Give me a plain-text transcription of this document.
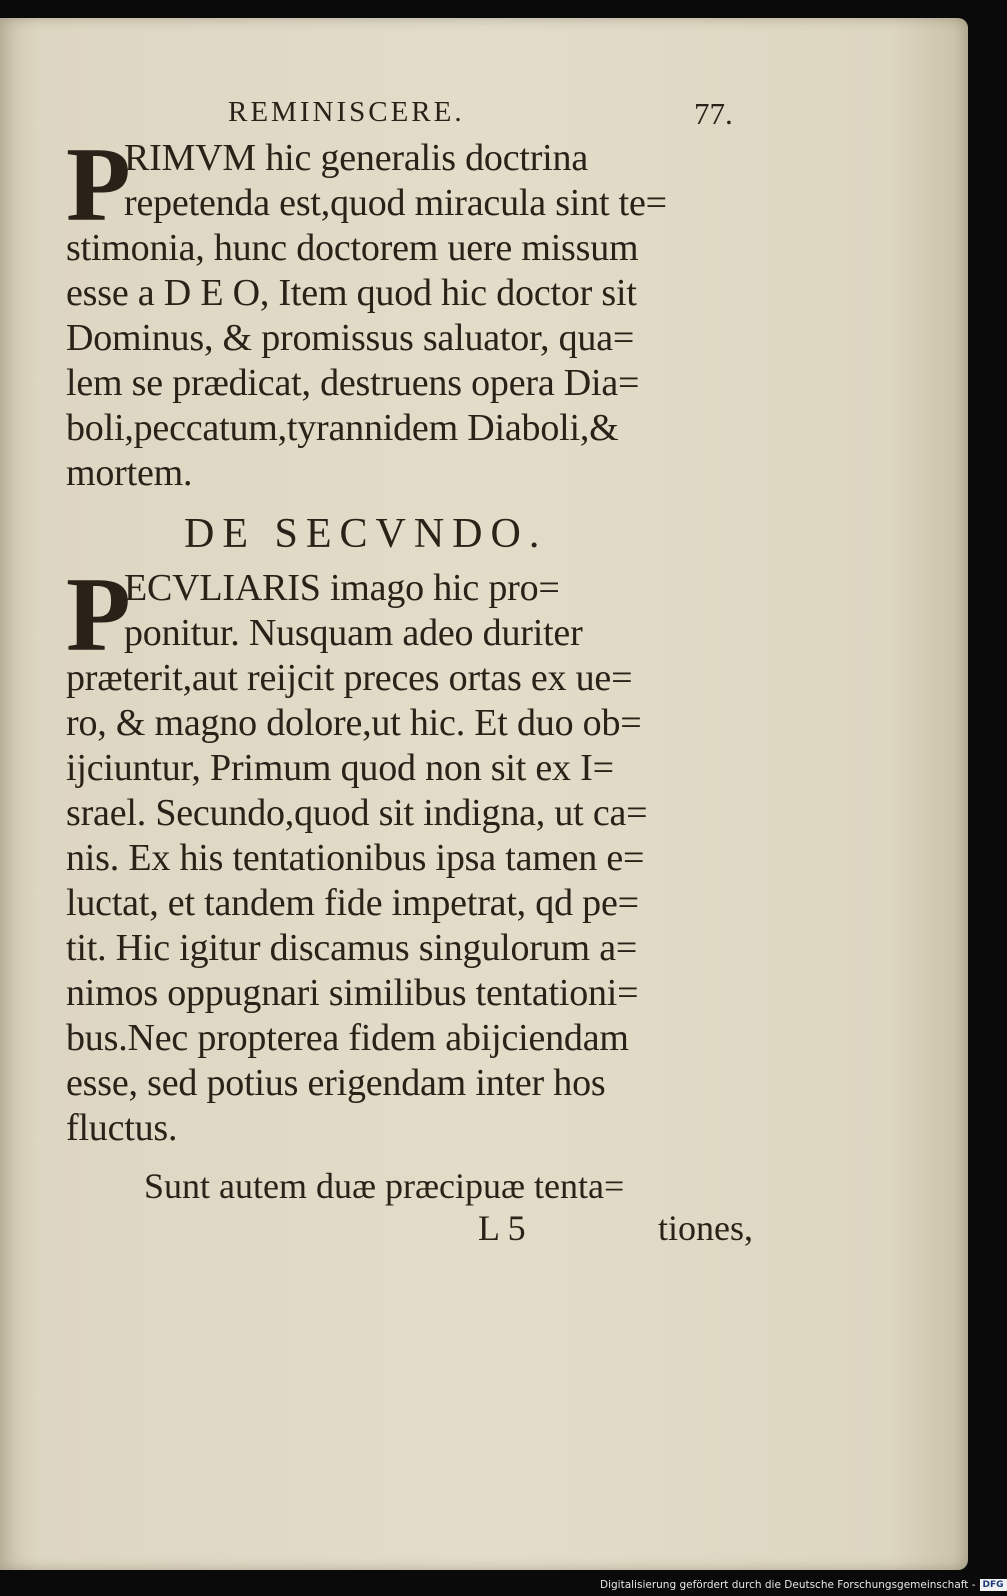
REMINISCERE.	77.
P
RIMVM hic generalis doctrina
repetenda est,quod miracula sint te=
stimonia, hunc doctorem uere missum
esse a D E O, Item quod hic doctor sit
Dominus, & promissus saluator, qua=
lem se prædicat, destruens opera Dia=
boli,peccatum,tyrannidem Diaboli,&
mortem.
DE SECVNDO.
P
ECVLIARIS imago hic pro=
ponitur. Nusquam adeo duriter
præterit,aut reijcit preces ortas ex ue=
ro, & magno dolore,ut hic. Et duo ob=
ijciuntur, Primum quod non sit ex I=
srael. Secundo,quod sit indigna, ut ca=
nis. Ex his tentationibus ipsa tamen e=
luctat, et tandem fide impetrat, qd pe=
tit. Hic igitur discamus singulorum a=
nimos oppugnari similibus tentationi=
bus.Nec propterea fidem abijciendam
esse, sed potius erigendam inter hos
fluctus.
Sunt autem duæ præcipuæ tenta=
L 5	tiones,
Digitalisierung gefördert durch die Deutsche Forschungsgemeinschaft - DFG
